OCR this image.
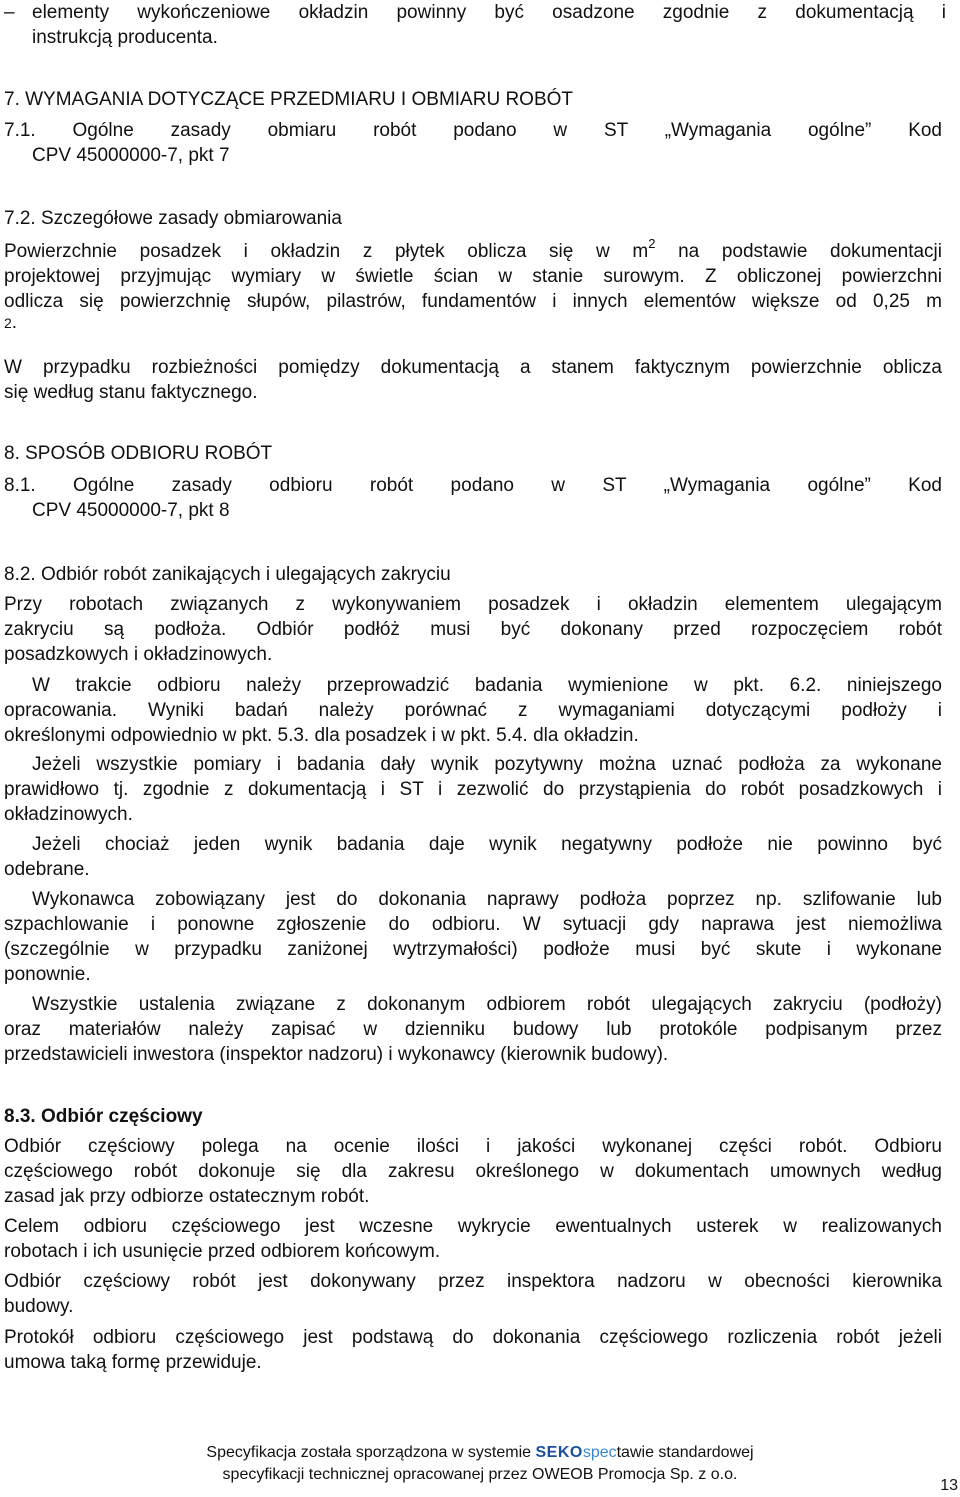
– elementy wykończeniowe okładzin powinny być osadzone zgodnie z dokumentacją i
instrukcją producenta.
7. WYMAGANIA DOTYCZĄCE PRZEDMIARU I OBMIARU ROBÓT
7.1. Ogólne zasady obmiaru robót podano w ST „Wymagania ogólne” Kod
CPV 45000000-7, pkt 7
7.2. Szczegółowe zasady obmiarowania
Powierzchnie posadzek i okładzin z płytek oblicza się w $m^2$ na podstawie dokumentacji
projektowej przyjmując wymiary w świetle ścian w stanie surowym. Z obliczonej powierzchni
odlicza się powierzchnię słupów, pilastrów, fundamentów i innych elementów większe od 0,25 m
2.
W przypadku rozbieżności pomiędzy dokumentacją a stanem faktycznym powierzchnie oblicza
się według stanu faktycznego.
8. SPOSÓB ODBIORU ROBÓT
8.1. Ogólne zasady odbioru robót podano w ST „Wymagania ogólne” Kod
CPV 45000000-7, pkt 8
8.2. Odbiór robót zanikających i ulegających zakryciu
Przy robotach związanych z wykonywaniem posadzek i okładzin elementem ulegającym
zakryciu są podłoża. Odbiór podłóż musi być dokonany przed rozpoczęciem robót
posadzkowych i okładzinowych.
W trakcie odbioru należy przeprowadzić badania wymienione w pkt. 6.2. niniejszego
opracowania. Wyniki badań należy porównać z wymaganiami dotyczącymi podłoży i
określonymi odpowiednio w pkt. 5.3. dla posadzek i w pkt. 5.4. dla okładzin.
Jeżeli wszystkie pomiary i badania dały wynik pozytywny można uznać podłoża za wykonane
prawidłowo tj. zgodnie z dokumentacją i ST i zezwolić do przystąpienia do robót posadzkowych i
okładzinowych.
Jeżeli chociaż jeden wynik badania daje wynik negatywny podłoże nie powinno być
odebrane.
Wykonawca zobowiązany jest do dokonania naprawy podłoża poprzez np. szlifowanie lub
szpachlowanie i ponowne zgłoszenie do odbioru. W sytuacji gdy naprawa jest niemożliwa
(szczególnie w przypadku zaniżonej wytrzymałości) podłoże musi być skute i wykonane
ponownie.
Wszystkie ustalenia związane z dokonanym odbiorem robót ulegających zakryciu (podłoży)
oraz materiałów należy zapisać w dzienniku budowy lub protokóle podpisanym przez
przedstawicieli inwestora (inspektor nadzoru) i wykonawcy (kierownik budowy).
8.3. Odbiór częściowy
Odbiór częściowy polega na ocenie ilości i jakości wykonanej części robót. Odbioru
częściowego robót dokonuje się dla zakresu określonego w dokumentach umownych według
zasad jak przy odbiorze ostatecznym robót.
Celem odbioru częściowego jest wczesne wykrycie ewentualnych usterek w realizowanych
robotach i ich usunięcie przed odbiorem końcowym.
Odbiór częściowy robót jest dokonywany przez inspektora nadzoru w obecności kierownika
budowy.
Protokół odbioru częściowego jest podstawą do dokonania częściowego rozliczenia robót jeżeli
umowa taką formę przewiduje.
Specyfikacja została sporządzona w systemie SEKOspectawie standardowej
specyfikacji technicznej opracowanej przez OWEOB Promocja Sp. z o.o.
13
